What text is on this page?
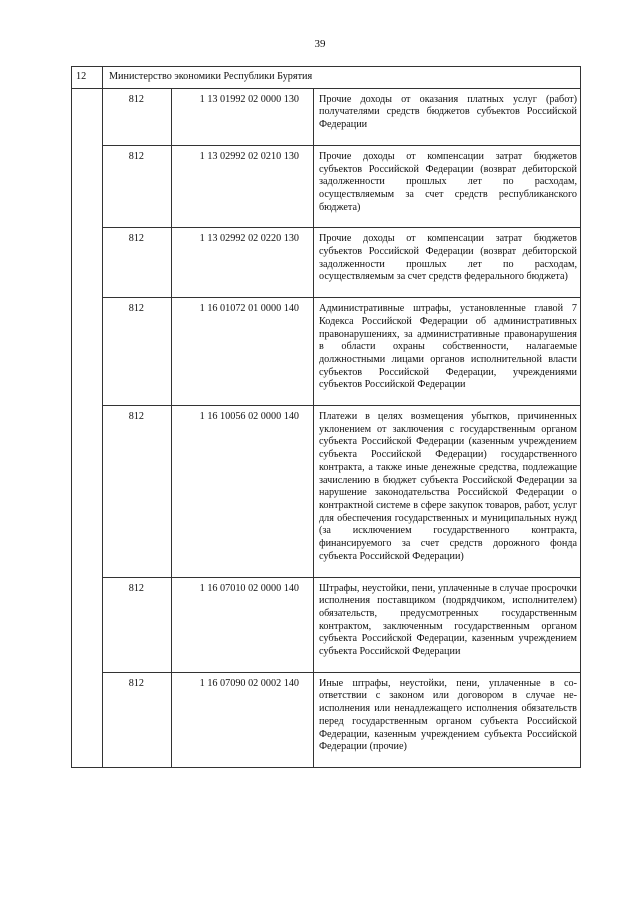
39
12	Министерство экономики Республики Бурятия		
	812	1 13 01992 02 0000 130	Прочие доходы от оказания платных услуг (работ) получателями средств бюджетов субъектов Российской Федерации
	812	1 13 02992 02 0210 130	Прочие доходы от компенсации затрат бюджетов субъектов Российской Федерации (возврат дебиторской задолженности прошлых лет по расходам, осуществляемым за счет средств республиканского бюджета)
	812	1 13 02992 02 0220 130	Прочие доходы от компенсации затрат бюджетов субъектов Российской Федерации (возврат дебиторской задолженности прошлых лет по расходам, осуществляемым за счет средств федерального бюджета)
	812	1 16 01072 01 0000 140	Административные штрафы, установленные главой 7 Кодекса Российской Федерации об административных правонарушениях, за административные правонарушения в области охраны собственности, налагаемые должностными лицами органов исполнительной власти субъектов Российской Федерации, учреждениями субъектов Российской Федерации
	812	1 16 10056 02 0000 140	Платежи в целях возмещения убытков, причиненных уклонением от заключения с государственным органом субъекта Российской Федерации (казенным учреждением субъекта Российской Федерации) государственного контракта, а также иные денежные средства, подлежащие зачислению в бюджет субъекта Российской Федерации за нарушение законодательства Российской Федерации о контрактной системе в сфере закупок товаров, работ, услуг для обеспечения государственных и муниципальных нужд (за исключением государственного контракта, финансируемого за счет средств дорожного фонда субъекта Российской Федерации)
	812	1 16 07010 02 0000 140	Штрафы, неустойки, пени, уплаченные в случае просрочки исполнения поставщиком (подрядчиком, исполнителем) обязательств, предусмотренных государственным контрактом, заключенным государственным органом субъекта Российской Федерации, казенным учреждением субъекта Российской Федерации
	812	1 16 07090 02 0002 140	Иные штрафы, неустойки, пени, уплаченные в соответствии с законом или договором в случае неисполнения или ненадлежащего исполнения обязательств перед государственным органом субъекта Российской Федерации, казенным учреждением субъекта Российской Федерации (прочие)
